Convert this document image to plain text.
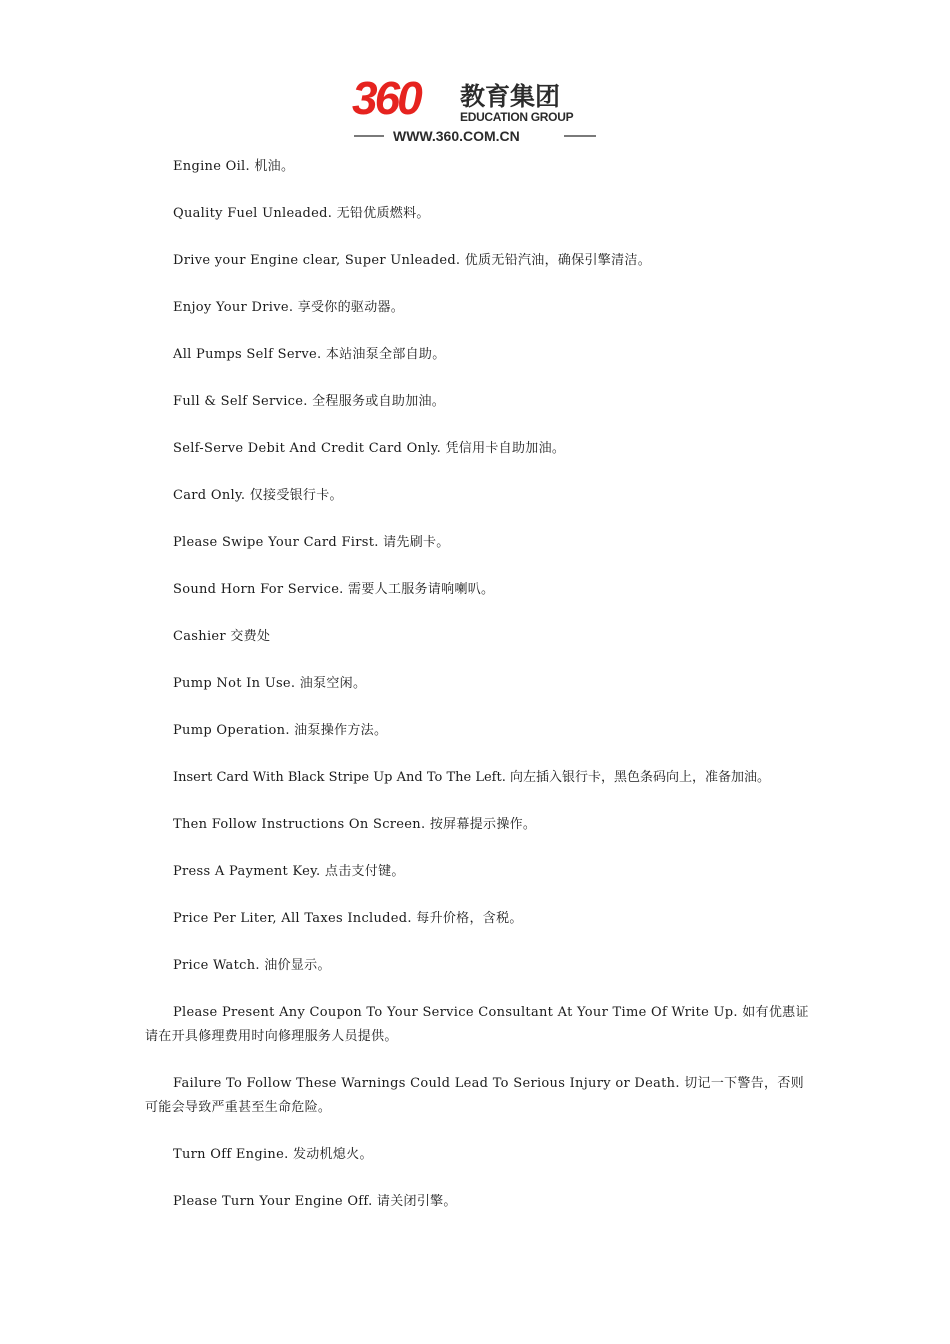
360 教育集团
EDUCATION GROUP
WWW.360.COM.CN

Engine Oil. 机油。

Quality Fuel Unleaded. 无铅优质燃料。

Drive your Engine clear, Super Unleaded. 优质无铅汽油，确保引擎清洁。

Enjoy Your Drive. 享受你的驱动器。

All Pumps Self Serve. 本站油泵全部自助。

Full & Self Service. 全程服务或自助加油。

Self-Serve Debit And Credit Card Only. 凭信用卡自助加油。

Card Only. 仅接受银行卡。

Please Swipe Your Card First. 请先刷卡。

Sound Horn For Service. 需要人工服务请响喇叭。

Cashier 交费处

Pump Not In Use. 油泵空闲。

Pump Operation. 油泵操作方法。

Insert Card With Black Stripe Up And To The Left. 向左插入银行卡，黑色条码向上，准备加油。

Then Follow Instructions On Screen. 按屏幕提示操作。

Press A Payment Key. 点击支付键。

Price Per Liter, All Taxes Included. 每升价格，含税。

Price Watch. 油价显示。

Please Present Any Coupon To Your Service Consultant At Your Time Of Write Up. 如有优惠证请在开具修理费用时向修理服务人员提供。

Failure To Follow These Warnings Could Lead To Serious Injury or Death. 切记一下警告，否则可能会导致严重甚至生命危险。

Turn Off Engine. 发动机熄火。

Please Turn Your Engine Off. 请关闭引擎。
